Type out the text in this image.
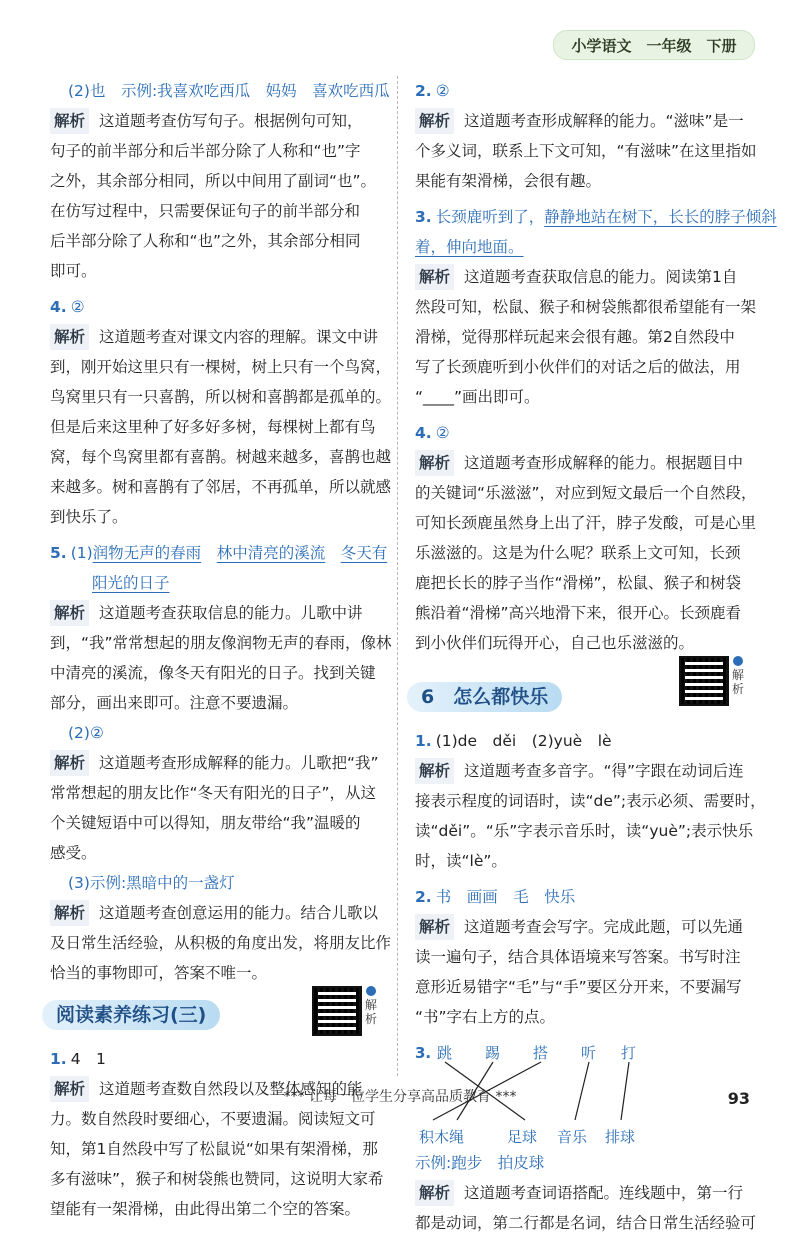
小学语文　一年级　下册
(2)也　示例:我喜欢吃西瓜　妈妈　喜欢吃西瓜
解析 这道题考查仿写句子。根据例句可知，
句子的前半部分和后半部分除了人称和“也”字
之外，其余部分相同，所以中间用了副词“也”。
在仿写过程中，只需要保证句子的前半部分和
后半部分除了人称和“也”之外，其余部分相同
即可。
4. ②
解析 这道题考查对课文内容的理解。课文中讲
到，刚开始这里只有一棵树，树上只有一个鸟窝，
鸟窝里只有一只喜鹊，所以树和喜鹊都是孤单的。
但是后来这里种了好多好多树，每棵树上都有鸟
窝，每个鸟窝里都有喜鹊。树越来越多，喜鹊也越
来越多。树和喜鹊有了邻居，不再孤单，所以就感
到快乐了。
5. (1)润物无声的春雨　 林中清亮的溪流　 冬天有
阳光的日子
解析 这道题考查获取信息的能力。儿歌中讲
到，“我”常常想起的朋友像润物无声的春雨，像林
中清亮的溪流，像冬天有阳光的日子。找到关键
部分，画出来即可。注意不要遗漏。
(2)②
解析 这道题考查形成解释的能力。儿歌把“我”
常常想起的朋友比作“冬天有阳光的日子”，从这
个关键短语中可以得知，朋友带给“我”温暖的
感受。
(3)示例:黑暗中的一盏灯
解析 这道题考查创意运用的能力。结合儿歌以
及日常生活经验，从积极的角度出发，将朋友比作
恰当的事物即可，答案不唯一。
阅读素养练习(三)	解析
1. 4　1
解析 这道题考查数自然段以及整体感知的能
力。数自然段时要细心，不要遗漏。阅读短文可
知，第1自然段中写了松鼠说“如果有架滑梯，那
多有滋味”，猴子和树袋熊也赞同，这说明大家希
望能有一架滑梯，由此得出第二个空的答案。
2. ②
解析 这道题考查形成解释的能力。“滋味”是一
个多义词，联系上下文可知，“有滋味”在这里指如
果能有架滑梯，会很有趣。
3. 长颈鹿听到了，静静地站在树下，长长的脖子倾斜
着，伸向地面。
解析 这道题考查获取信息的能力。阅读第1自
然段可知，松鼠、猴子和树袋熊都很希望能有一架
滑梯，觉得那样玩起来会很有趣。第2自然段中
写了长颈鹿听到小伙伴们的对话之后的做法，用
“____”画出即可。
4. ②
解析 这道题考查形成解释的能力。根据题目中
的关键词“乐滋滋”，对应到短文最后一个自然段，
可知长颈鹿虽然身上出了汗，脖子发酸，可是心里
乐滋滋的。这是为什么呢？联系上文可知，长颈
鹿把长长的脖子当作“滑梯”，松鼠、猴子和树袋
熊沿着“滑梯”高兴地滑下来，很开心。长颈鹿看
到小伙伴们玩得开心，自己也乐滋滋的。
6　 怎么都快乐
解析
1. (1)de　děi　(2)yuè　lè
解析 这道题考查多音字。“得”字跟在动词后连
接表示程度的词语时，读“de”;表示必须、需要时，
读“děi”。“乐”字表示音乐时，读“yuè”;表示快乐
时，读“lè”。
2. 书　画画　毛　快乐
解析 这道题考查会写字。完成此题，可以先通
读一遍句子，结合具体语境来写答案。书写时注
意形近易错字“毛”与“手”要区分开来，不要漏写
“书”字右上方的点。
3. 跳 踢 搭 听 打
积木 绳	足球 音乐 排球
示例:跑步　拍皮球
解析 这道题考查词语搭配。连线题中，第一行
都是动词，第二行都是名词，结合日常生活经验可
*** 让每一位学生分享高品质教育 ***	93
